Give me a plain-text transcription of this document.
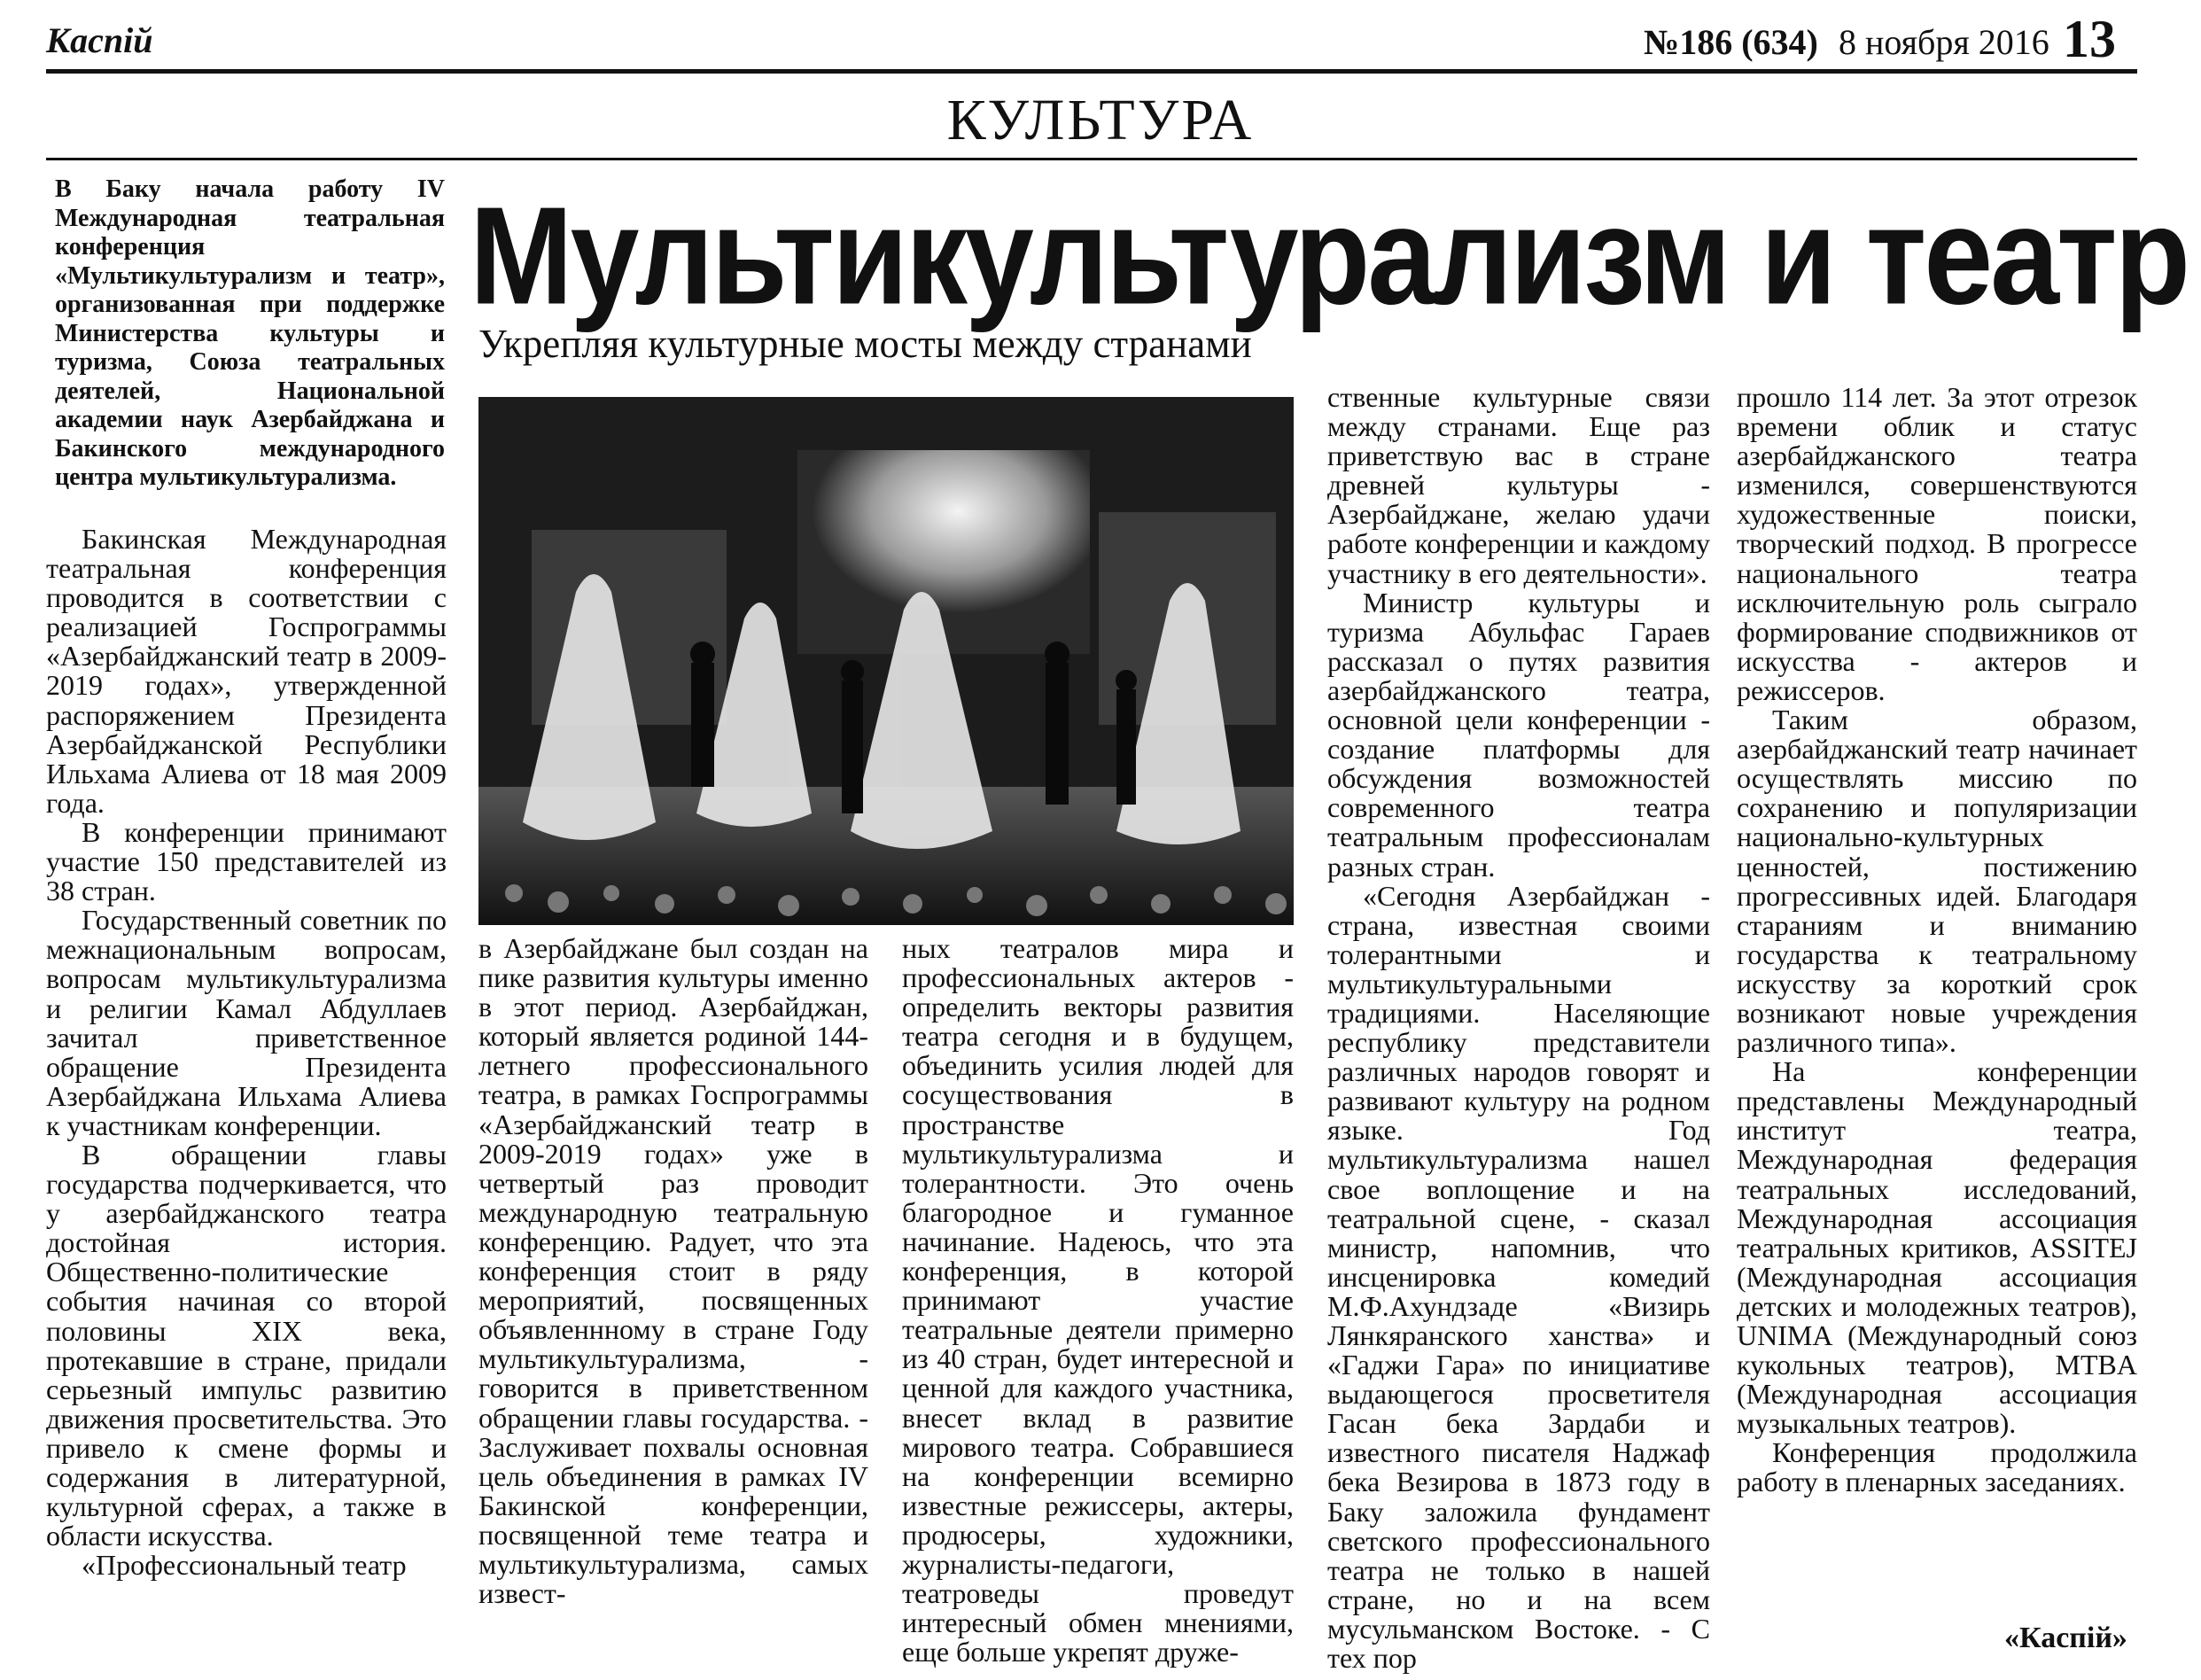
Каспiй	№186 (634) 8 ноября 2016 13
КУЛЬТУРА
Мультикультурализм и театр
Укрепляя культурные мосты между странами
В Баку начала работу IV Международная театральная конференция «Мультикультурализм и театр», организованная при поддержке Министерства культуры и туризма, Союза театральных деятелей, Национальной академии наук Азербайджана и Бакинского международного центра мультикультурализма.

Бакинская Международная театральная конференция проводится в соответствии с реализацией Госпрограммы «Азербайджанский театр в 2009-2019 годах», утвержденной распоряжением Президента Азербайджанской Республики Ильхама Алиева от 18 мая 2009 года.

В конференции принимают участие 150 представителей из 38 стран.

Государственный советник по межнациональным вопросам, вопросам мультикультурализма и религии Камал Абдуллаев зачитал приветственное обращение Президента Азербайджана Ильхама Алиева к участникам конференции.

В обращении главы государства подчеркивается, что у азербайджанского театра достойная история. Общественно-политические события начиная со второй половины XIX века, протекавшие в стране, придали серьезный импульс развитию движения просветительства. Это привело к смене формы и содержания в литературной, культурной сферах, а также в области искусства.

«Профессиональный театр

в Азербайджане был создан на пике развития культуры именно в этот период. Азербайджан, который является родиной 144-летнего профессионального театра, в рамках Госпрограммы «Азербайджанский театр в 2009-2019 годах» уже в четвертый раз проводит международную театральную конференцию. Радует, что эта конференция стоит в ряду мероприятий, посвященных объявленнному в стране Году мультикультурализма, - говорится в приветственном обращении главы государства. - Заслуживает похвалы основная цель объединения в рамках IV Бакинской конференции, посвященной теме театра и мультикультурализма, самых извест-

ных театралов мира и профессиональных актеров - определить векторы развития театра сегодня и в будущем, объединить усилия людей для сосуществования в пространстве мультикультурализма и толерантности. Это очень благородное и гуманное начинание. Надеюсь, что эта конференция, в которой принимают участие театральные деятели примерно из 40 стран, будет интересной и ценной для каждого участника, внесет вклад в развитие мирового театра. Собравшиеся на конференции всемирно известные режиссеры, актеры, продюсеры, художники, журналисты-педагоги, театроведы проведут интересный обмен мнениями, еще больше укрепят друже-

ственные культурные связи между странами. Еще раз приветствую вас в стране древней культуры - Азербайджане, желаю удачи работе конференции и каждому участнику в его деятельности».

Министр культуры и туризма Абульфас Гараев рассказал о путях развития азербайджанского театра, основной цели конференции - создание платформы для обсуждения возможностей современного театра театральным профессионалам разных стран.

«Сегодня Азербайджан - страна, известная своими толерантными и мультикультуральными традициями. Населяющие республику представители различных народов говорят и развивают культуру на родном языке. Год мультикультурализма нашел свое воплощение и на театральной сцене, - сказал министр, напомнив, что инсценировка комедий М.Ф.Ахундзаде «Визирь Лянкяранского ханства» и «Гаджи Гара» по инициативе выдающегося просветителя Гасан бека Зардаби и известного писателя Наджаф бека Везирова в 1873 году в Баку заложила фундамент светского профессионального театра не только в нашей стране, но и на всем мусульманском Востоке. - С тех пор

прошло 114 лет. За этот отрезок времени облик и статус азербайджанского театра изменился, совершенствуются художественные поиски, творческий подход. В прогрессе национального театра исключительную роль сыграло формирование сподвижников от искусства - актеров и режиссеров.

Таким образом, азербайджанский театр начинает осуществлять миссию по сохранению и популяризации национально-культурных ценностей, постижению прогрессивных идей. Благодаря стараниям и вниманию государства к театральному искусству за короткий срок возникают новые учреждения различного типа».

На конференции представлены Международный институт театра, Международная федерация театральных исследований, Международная ассоциация театральных критиков, ASSITEJ (Международная ассоциация детских и молодежных театров), UNIMA (Международный союз кукольных театров), MTBA (Международная ассоциация музыкальных театров).

Конференция продолжила работу в пленарных заседаниях.

«Каспiй»
